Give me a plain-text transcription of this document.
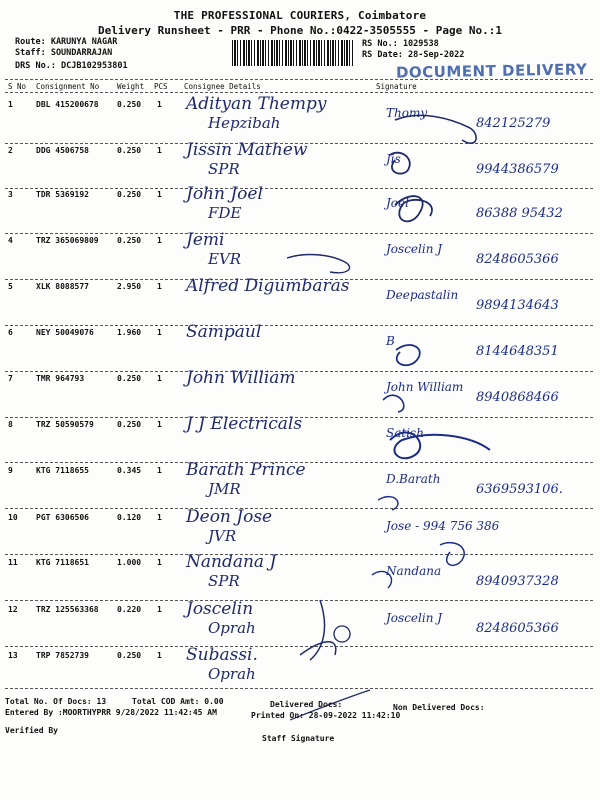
THE PROFESSIONAL COURIERS, Coimbatore
Delivery Runsheet - PRR - Phone No.:0422-3505555 - Page No.:1
Route: KARUNYA NAGAR
Staff: SOUNDARRAJAN
DRS No.: DCJB102953801
RS No.: 1029538
RS Date: 28-Sep-2022
DOCUMENT DELIVERY
S No Consignment No Weight PCS Consignee Details	Signature
1	DBL 415200678 0.250 1 Adityan Thempy
Hepzibah
Thomy
842125279
2	DDG 4506758	0.250 1 Jissin Mathew
SPR
Jis
9944386579
3	TDR 5369192	0.250 1 John Joel
FDE
Joel
86388 95432
4	TRZ 365069809 0.250 1 Jemi
EVR
Joscelin J
8248605366
5	XLK 8088577	2.950 1 Alfred Digumbaras	Deepastalin
9894134643
6	NEY 50049076	1.960 1 Sampaul	B
8144648351
7	TMR 964793	0.250 1 John William	John William
8940868466
8	TRZ 50590579	0.250 1 J J Electricals	Satish
9	KTG 7118655	0.345 1 Barath Prince
JMR
D.Barath
6369593106.
10 PGT 6306506	0.120 1 Deon Jose
JVR
Jose - 994 756 386
11 KTG 7118651	1.000 1 Nandana J
SPR
Nandana
8940937328
12 TRZ 125563368 0.220 1 Joscelin
Oprah
Joscelin J
8248605366
13 TRP 7852739	0.250 1 Subassi.
Oprah
Total No. Of Docs: 13	Total COD Amt: 0.00	Delivered Docs:	Non Delivered Docs:
Entered By :MOORTHYPRR 9/28/2022 11:42:45 AM	Printed On: 28-09-2022 11:42:10
Verified By
Staff Signature
